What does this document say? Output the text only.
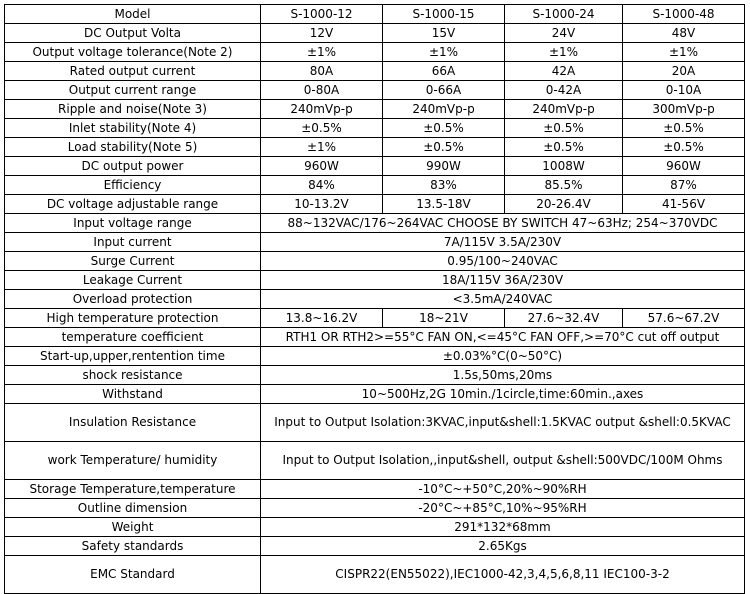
Model	S-1000-12	S-1000-15	S-1000-24	S-1000-48
DC Output Volta	12V	15V	24V	48V
Output voltage tolerance(Note 2)	±1%	±1%	±1%	±1%
Rated output current	80A	66A	42A	20A
Output current range	0-80A	0-66A	0-42A	0-10A
Ripple and noise(Note 3)	240mVp-p	240mVp-p	240mVp-p	300mVp-p
Inlet stability(Note 4)	±0.5%	±0.5%	±0.5%	±0.5%
Load stability(Note 5)	±1%	±0.5%	±0.5%	±0.5%
DC output power	960W	990W	1008W	960W
Efficiency	84%	83%	85.5%	87%
DC voltage adjustable range	10-13.2V	13.5-18V	20-26.4V	41-56V
Input voltage range	88~132VAC/176~264VAC CHOOSE BY SWITCH 47~63Hz; 254~370VDC			
Input current	7A/115V 3.5A/230V			
Surge Current	0.95/100~240VAC			
Leakage Current	18A/115V 36A/230V			
Overload protection	<3.5mA/240VAC			
High temperature protection	13.8~16.2V	18~21V	27.6~32.4V	57.6~67.2V
temperature coefficient	RTH1 OR RTH2>=55°C FAN ON,<=45°C FAN OFF,>=70°C cut off output			
Start-up,upper,rentention time	±0.03%°C(0~50°C)			
shock resistance	1.5s,50ms,20ms			
Withstand	10~500Hz,2G 10min./1circle,time:60min.,axes			
Insulation Resistance	Input to Output Isolation:3KVAC,input&shell:1.5KVAC output &shell:0.5KVAC			
work Temperature/ humidity	Input to Output Isolation,,input&shell, output &shell:500VDC/100M Ohms			
Storage Temperature,temperature	-10°C~+50°C,20%~90%RH			
Outline dimension	-20°C~+85°C,10%~95%RH			
Weight	291*132*68mm			
Safety standards	2.65Kgs			
EMC Standard	CISPR22(EN55022),IEC1000-42,3,4,5,6,8,11 IEC100-3-2			
